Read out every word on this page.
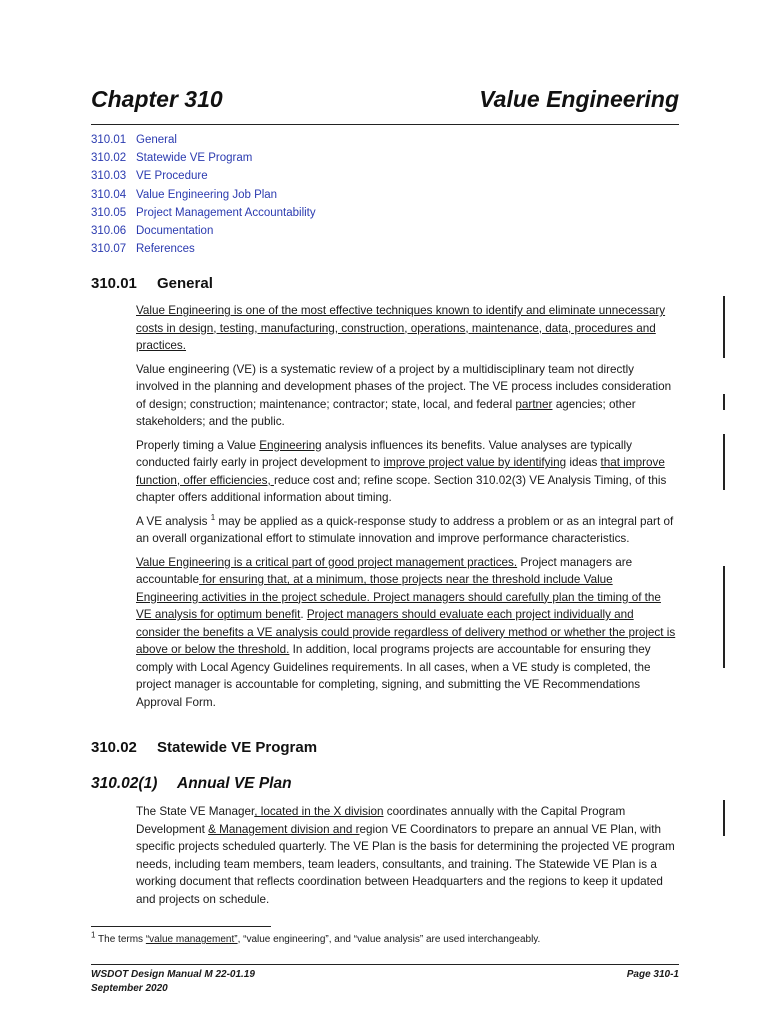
Chapter 310	Value Engineering
310.01 General
310.02 Statewide VE Program
310.03 VE Procedure
310.04 Value Engineering Job Plan
310.05 Project Management Accountability
310.06 Documentation
310.07 References
310.01 General

Value Engineering is one of the most effective techniques known to identify and eliminate unnecessary costs in design, testing, manufacturing, construction, operations, maintenance, data, procedures and practices.

Value engineering (VE) is a systematic review of a project by a multidisciplinary team not directly involved in the planning and development phases of the project. The VE process includes consideration of design; construction; maintenance; contractor; state, local, and federal partner agencies; other stakeholders; and the public.

Properly timing a Value Engineering analysis influences its benefits. Value analyses are typically conducted fairly early in project development to improve project value by identifying ideas that improve function, offer efficiencies, reduce cost and; refine scope. Section 310.02(3) VE Analysis Timing, of this chapter offers additional information about timing.

A VE analysis $^1$ may be applied as a quick-response study to address a problem or as an integral part of an overall organizational effort to stimulate innovation and improve performance characteristics.

Value Engineering is a critical part of good project management practices. Project managers are accountable for ensuring that, at a minimum, those projects near the threshold include Value Engineering activities in the project schedule. Project managers should carefully plan the timing of the VE analysis for optimum benefit. Project managers should evaluate each project individually and consider the benefits a VE analysis could provide regardless of delivery method or whether the project is above or below the threshold. In addition, local programs projects are accountable for ensuring they comply with Local Agency Guidelines requirements. In all cases, when a VE study is completed, the project manager is accountable for completing, signing, and submitting the VE Recommendations Approval Form.

310.02 Statewide VE Program
310.02(1) Annual VE Plan

The State VE Manager, located in the X division coordinates annually with the Capital Program Development & Management division and region VE Coordinators to prepare an annual VE Plan, with specific projects scheduled quarterly. The VE Plan is the basis for determining the projected VE program needs, including team members, team leaders, consultants, and training. The Statewide VE Plan is a working document that reflects coordination between Headquarters and the regions to keep it updated and projects on schedule.

$^1$ The terms “value management”, “value engineering”, and “value analysis” are used interchangeably.
WSDOT Design Manual M 22-01.19
September 2020
Page 310-1
